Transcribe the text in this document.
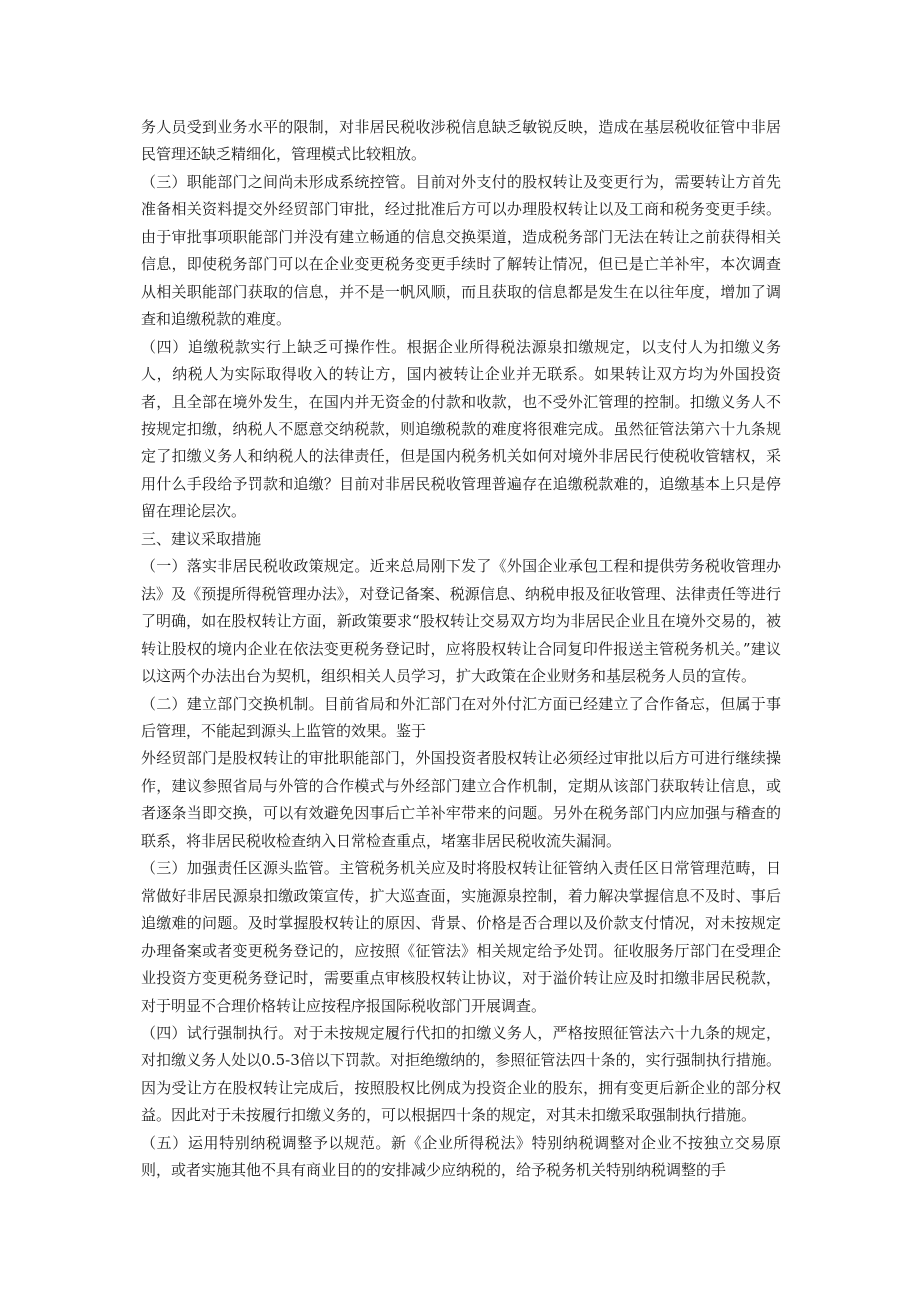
务人员受到业务水平的限制，对非居民税收涉税信息缺乏敏锐反映，造成在基层税收征管中非居民管理还缺乏精细化，管理模式比较粗放。

（三）职能部门之间尚未形成系统控管。目前对外支付的股权转让及变更行为，需要转让方首先准备相关资料提交外经贸部门审批，经过批准后方可以办理股权转让以及工商和税务变更手续。由于审批事项职能部门并没有建立畅通的信息交换渠道，造成税务部门无法在转让之前获得相关信息，即使税务部门可以在企业变更税务变更手续时了解转让情况，但已是亡羊补牢，本次调查从相关职能部门获取的信息，并不是一帆风顺，而且获取的信息都是发生在以往年度，增加了调查和追缴税款的难度。

（四）追缴税款实行上缺乏可操作性。根据企业所得税法源泉扣缴规定，以支付人为扣缴义务人，纳税人为实际取得收入的转让方，国内被转让企业并无联系。如果转让双方均为外国投资者，且全部在境外发生，在国内并无资金的付款和收款，也不受外汇管理的控制。扣缴义务人不按规定扣缴，纳税人不愿意交纳税款，则追缴税款的难度将很难完成。虽然征管法第六十九条规定了扣缴义务人和纳税人的法律责任，但是国内税务机关如何对境外非居民行使税收管辖权，采用什么手段给予罚款和追缴？目前对非居民税收管理普遍存在追缴税款难的，追缴基本上只是停留在理论层次。

三、建议采取措施

（一）落实非居民税收政策规定。近来总局刚下发了《外国企业承包工程和提供劳务税收管理办法》及《预提所得税管理办法》，对登记备案、税源信息、纳税申报及征收管理、法律责任等进行了明确，如在股权转让方面，新政策要求“股权转让交易双方均为非居民企业且在境外交易的，被转让股权的境内企业在依法变更税务登记时，应将股权转让合同复印件报送主管税务机关。”建议以这两个办法出台为契机，组织相关人员学习，扩大政策在企业财务和基层税务人员的宣传。

（二）建立部门交换机制。目前省局和外汇部门在对外付汇方面已经建立了合作备忘，但属于事后管理，不能起到源头上监管的效果。鉴于

外经贸部门是股权转让的审批职能部门，外国投资者股权转让必须经过审批以后方可进行继续操作，建议参照省局与外管的合作模式与外经部门建立合作机制，定期从该部门获取转让信息，或者逐条当即交换，可以有效避免因事后亡羊补牢带来的问题。另外在税务部门内应加强与稽查的联系，将非居民税收检查纳入日常检查重点，堵塞非居民税收流失漏洞。

（三）加强责任区源头监管。主管税务机关应及时将股权转让征管纳入责任区日常管理范畴，日常做好非居民源泉扣缴政策宣传，扩大巡查面，实施源泉控制，着力解决掌握信息不及时、事后追缴难的问题。及时掌握股权转让的原因、背景、价格是否合理以及价款支付情况，对未按规定办理备案或者变更税务登记的，应按照《征管法》相关规定给予处罚。征收服务厅部门在受理企业投资方变更税务登记时，需要重点审核股权转让协议，对于溢价转让应及时扣缴非居民税款，对于明显不合理价格转让应按程序报国际税收部门开展调查。

（四）试行强制执行。对于未按规定履行代扣的扣缴义务人，严格按照征管法六十九条的规定，对扣缴义务人处以0.5-3倍以下罚款。对拒绝缴纳的，参照征管法四十条的，实行强制执行措施。因为受让方在股权转让完成后，按照股权比例成为投资企业的股东，拥有变更后新企业的部分权益。因此对于未按履行扣缴义务的，可以根据四十条的规定，对其未扣缴采取强制执行措施。

（五）运用特别纳税调整予以规范。新《企业所得税法》特别纳税调整对企业不按独立交易原则，或者实施其他不具有商业目的的安排减少应纳税的，给予税务机关特别纳税调整的手
